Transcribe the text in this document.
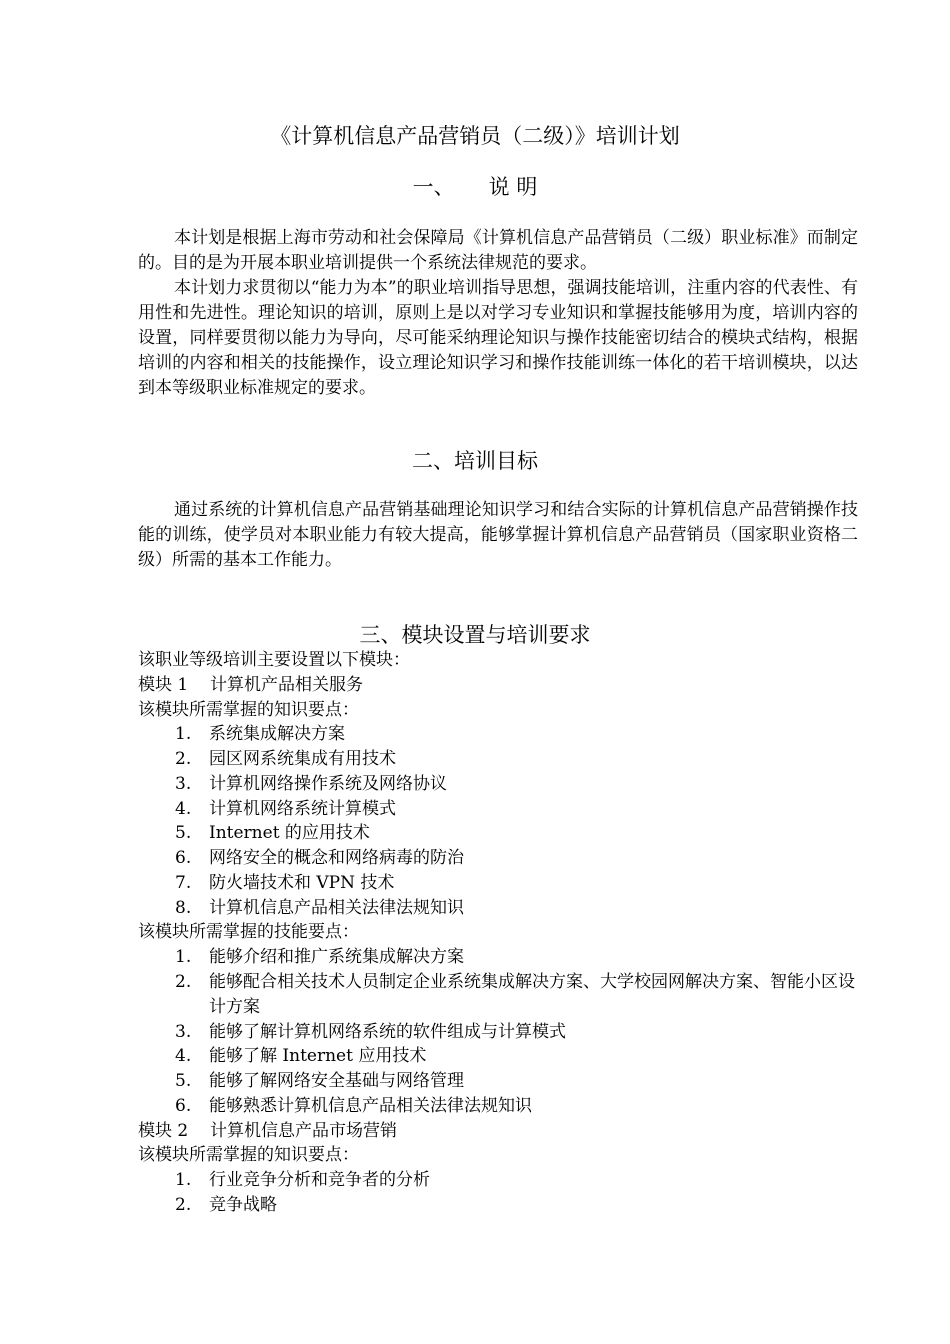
《计算机信息产品营销员（二级）》培训计划
一、 说 明

本计划是根据上海市劳动和社会保障局《计算机信息产品营销员（二级）职业标准》而制定的。目的是为开展本职业培训提供一个系统法律规范的要求。

本计划力求贯彻以“能力为本”的职业培训指导思想，强调技能培训，注重内容的代表性、有用性和先进性。理论知识的培训，原则上是以对学习专业知识和掌握技能够用为度，培训内容的设置，同样要贯彻以能力为导向，尽可能采纳理论知识与操作技能密切结合的模块式结构，根据培训的内容和相关的技能操作，设立理论知识学习和操作技能训练一体化的若干培训模块，以达到本等级职业标准规定的要求。

二、培训目标

通过系统的计算机信息产品营销基础理论知识学习和结合实际的计算机信息产品营销操作技能的训练，使学员对本职业能力有较大提高，能够掌握计算机信息产品营销员（国家职业资格二级）所需的基本工作能力。

三、模块设置与培训要求

该职业等级培训主要设置以下模块：

模块 1 计算机产品相关服务

该模块所需掌握的知识要点：

1. 系统集成解决方案
2. 园区网系统集成有用技术
3. 计算机网络操作系统及网络协议
4. 计算机网络系统计算模式
5. Internet 的应用技术
6. 网络安全的概念和网络病毒的防治
7. 防火墙技术和 VPN 技术
8. 计算机信息产品相关法律法规知识

该模块所需掌握的技能要点：

1. 能够介绍和推广系统集成解决方案
2. 能够配合相关技术人员制定企业系统集成解决方案、大学校园网解决方案、智能小区设计方案
3. 能够了解计算机网络系统的软件组成与计算模式
4. 能够了解 Internet 应用技术
5. 能够了解网络安全基础与网络管理
6. 能够熟悉计算机信息产品相关法律法规知识

模块 2 计算机信息产品市场营销

该模块所需掌握的知识要点：

1. 行业竞争分析和竞争者的分析
2. 竞争战略
